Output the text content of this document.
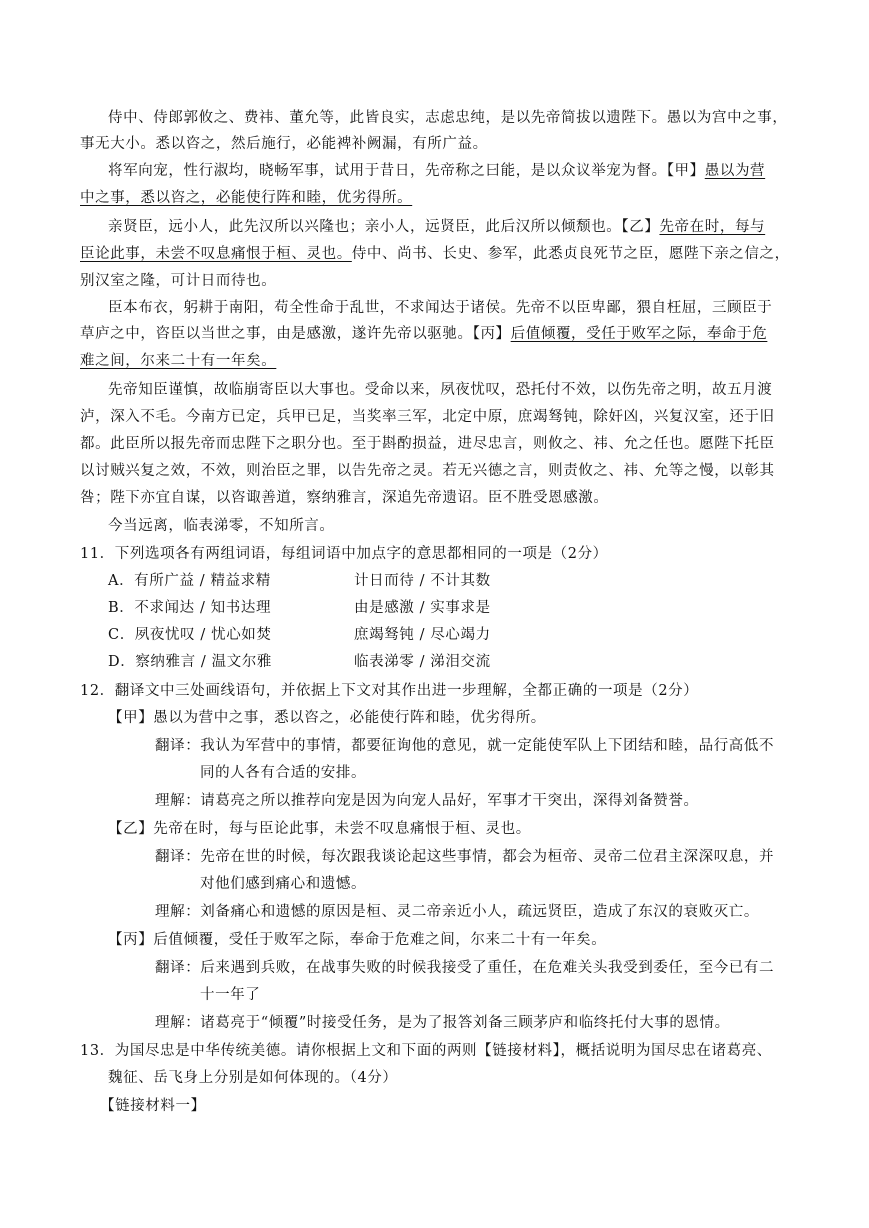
侍中、侍郎郭攸之、费祎、董允等，此皆良实，志虑忠纯，是以先帝简拔以遗陛下。愚以为宫中之事，
事无大小。悉以咨之，然后施行，必能裨补阙漏，有所广益。
将军向宠，性行淑均，晓畅军事，试用于昔日，先帝称之曰能，是以众议举宠为督。【甲】愚以为营
中之事，悉以咨之，必能使行阵和睦，优劣得所。
亲贤臣，远小人，此先汉所以兴隆也；亲小人，远贤臣，此后汉所以倾颓也。【乙】先帝在时，每与
臣论此事，未尝不叹息痛恨于桓、灵也。侍中、尚书、长史、参军，此悉贞良死节之臣，愿陛下亲之信之，
别汉室之隆，可计日而待也。
臣本布衣，躬耕于南阳，苟全性命于乱世，不求闻达于诸侯。先帝不以臣卑鄙，猥自枉屈，三顾臣于
草庐之中，咨臣以当世之事，由是感激，遂许先帝以驱驰。【丙】后值倾覆，受任于败军之际，奉命于危
难之间，尔来二十有一年矣。
先帝知臣谨慎，故临崩寄臣以大事也。受命以来，夙夜忧叹，恐托付不效，以伤先帝之明，故五月渡
泸，深入不毛。今南方已定，兵甲已足，当奖率三军，北定中原，庶竭驽钝，除奸凶，兴复汉室，还于旧
都。此臣所以报先帝而忠陛下之职分也。至于斟酌损益，进尽忠言，则攸之、祎、允之任也。愿陛下托臣
以讨贼兴复之效，不效，则治臣之罪，以告先帝之灵。若无兴德之言，则责攸之、祎、允等之慢，以彰其
咎；陛下亦宜自谋，以咨诹善道，察纳雅言，深追先帝遗诏。臣不胜受恩感激。
今当远离，临表涕零，不知所言。
11．下列选项各有两组词语，每组词语中加点字的意思都相同的一项是（2分）
A．有所广益 / 精益求精	计日而待 / 不计其数
B．不求闻达 / 知书达理	由是感激 / 实事求是
C．夙夜忧叹 / 忧心如焚	庶竭驽钝 / 尽心竭力
D．察纳雅言 / 温文尔雅	临表涕零 / 涕泪交流
12．翻译文中三处画线语句，并依据上下文对其作出进一步理解，全都正确的一项是（2分）
【甲】愚以为营中之事，悉以咨之，必能使行阵和睦，优劣得所。
翻译：我认为军营中的事情，都要征询他的意见，就一定能使军队上下团结和睦，品行高低不
同的人各有合适的安排。
理解：请葛亮之所以推荐向宠是因为向宠人品好，军事才干突出，深得刘备赞誉。
【乙】先帝在时，每与臣论此事，未尝不叹息痛恨于桓、灵也。
翻译：先帝在世的时候，每次跟我谈论起这些事情，都会为桓帝、灵帝二位君主深深叹息，并
对他们感到痛心和遗憾。
理解：刘备痛心和遗憾的原因是桓、灵二帝亲近小人，疏远贤臣，造成了东汉的衰败灭亡。
【丙】后值倾覆，受任于败军之际，奉命于危难之间，尔来二十有一年矣。
翻译：后来遇到兵败，在战事失败的时候我接受了重任，在危难关头我受到委任，至今已有二
十一年了
理解：诸葛亮于“倾覆”时接受任务，是为了报答刘备三顾茅庐和临终托付大事的恩情。
13．为国尽忠是中华传统美德。请你根据上文和下面的两则【链接材料】，概括说明为国尽忠在诸葛亮、
魏征、岳飞身上分别是如何体现的。（4分）
【链接材料一】
